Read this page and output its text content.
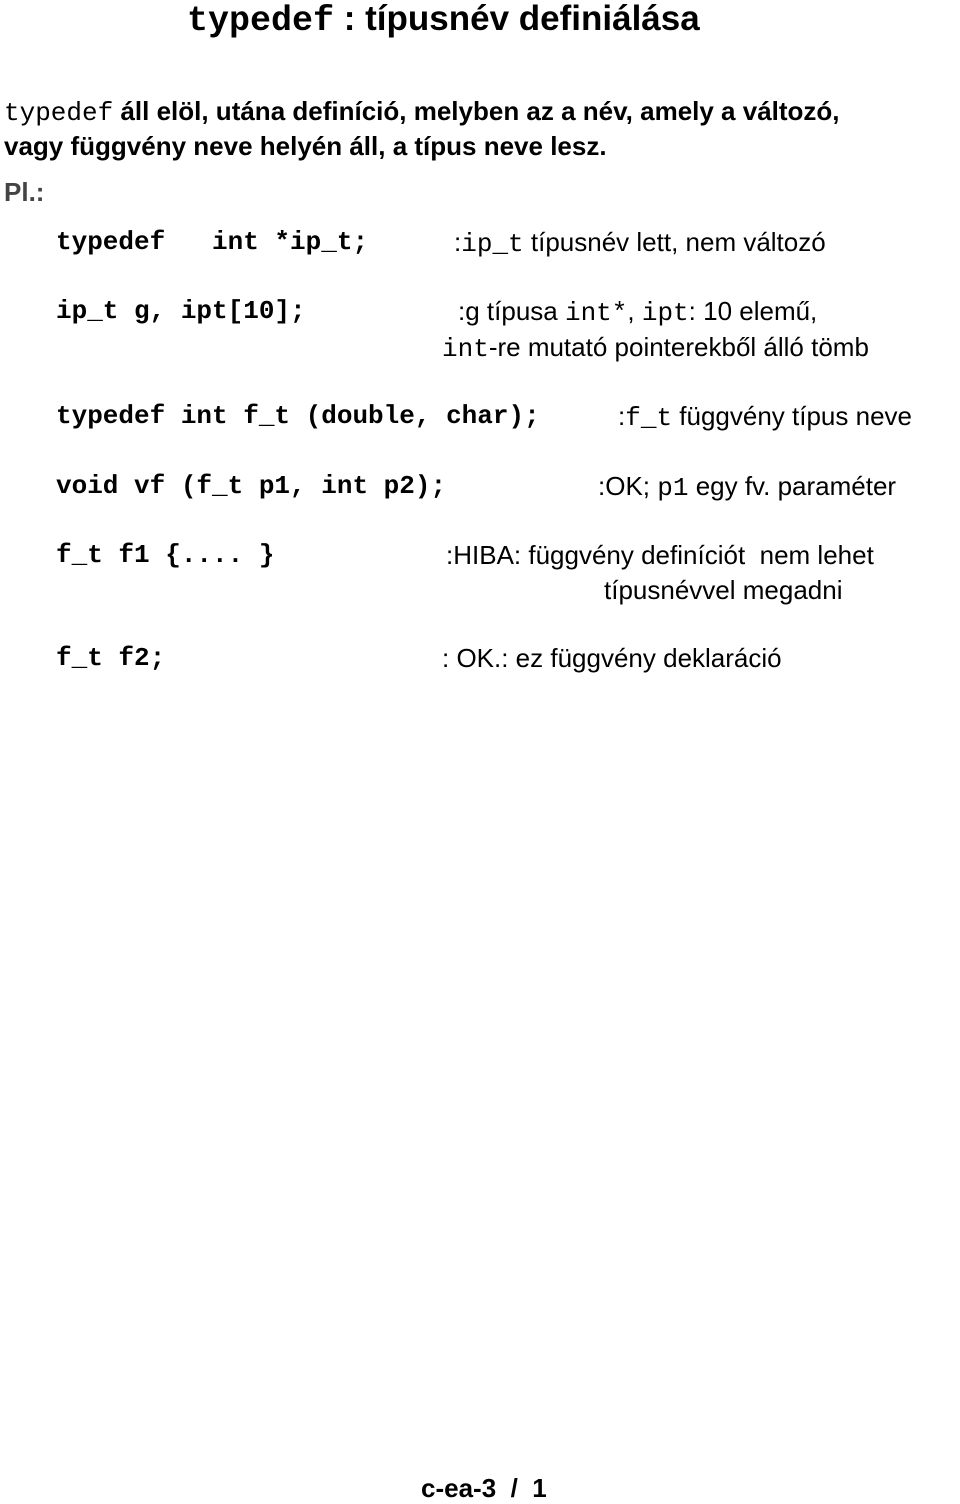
typedef : típusnév definiálása
typedef áll elöl, utána definíció, melyben az a név, amely a változó,
vagy függvény neve helyén áll, a típus neve lesz.
Pl.:
typedef   int *ip_t;	:ip_t típusnév lett, nem változó
ip_t g, ipt[10];	:g típusa int*, ipt: 10 elemű,
int-re mutató pointerekből álló tömb
typedef int f_t (double, char);	:f_t függvény típus neve
void vf (f_t p1, int p2);	:OK; p1 egy fv. paraméter
f_t f1 {.... }	:HIBA: függvény definíciót  nem lehet
típusnévvel megadni
f_t f2;	: OK.: ez függvény deklaráció
c-ea-3  /  1
